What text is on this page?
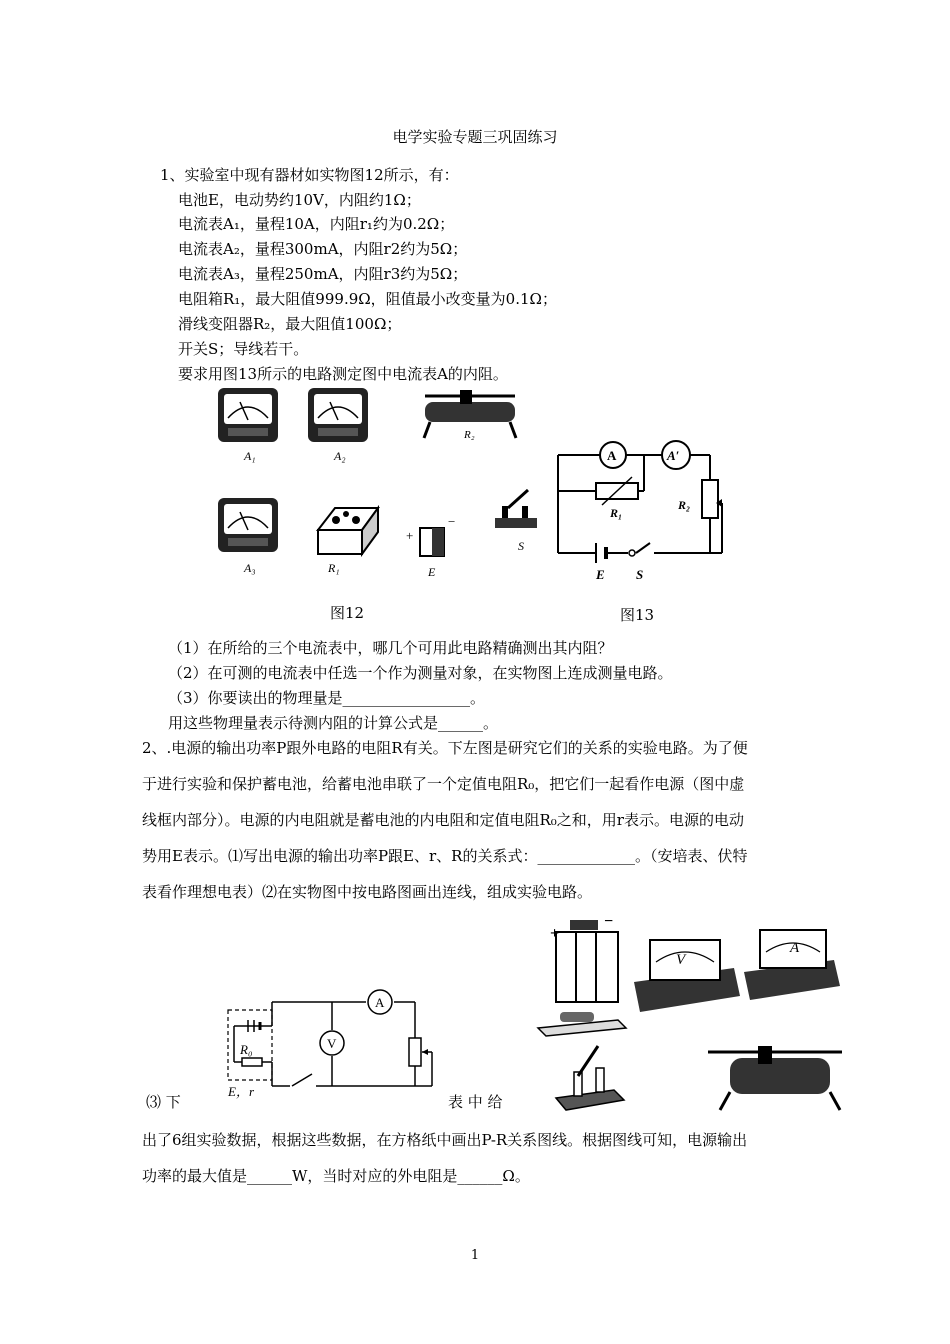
电学实验专题三巩固练习
1、实验室中现有器材如实物图12所示，有：
电池E，电动势约10V，内阻约1Ω；
电流表A₁，量程10A，内阻r₁约为0.2Ω；
电流表A₂，量程300mA，内阻r2约为5Ω；
电流表A₃，量程250mA，内阻r3约为5Ω；
电阻箱R₁，最大阻值999.9Ω，阻值最小改变量为0.1Ω；
滑线变阻器R₂，最大阻值100Ω；
开关S；导线若干。
要求用图13所示的电路测定图中电流表A的内阻。
A₁	A₂
R₂
A₃	R₁
+
−
E
S
图12
A	A′
R₁
R₂
E S
图13
（1）在所给的三个电流表中，哪几个可用此电路精确测出其内阻？
（2）在可测的电流表中任选一个作为测量对象，在实物图上连成测量电路。
（3）你要读出的物理量是_________________。
用这些物理量表示待测内阻的计算公式是______。
2、.电源的输出功率P跟外电路的电阻R有关。下左图是研究它们的关系的实验电路。为了便
于进行实验和保护蓄电池，给蓄电池串联了一个定值电阻R₀，把它们一起看作电源（图中虚
线框内部分）。电源的内电阻就是蓄电池的内电阻和定值电阻R₀之和，用r表示。电源的电动
势用E表示。⑴写出电源的输出功率P跟E、r、R的关系式：_____________。（安培表、伏特
表看作理想电表）⑵在实物图中按电路图画出连线，组成实验电路。
A
V
R₀
E，r
⑶ 下	表 中 给
+
−
V
A
出了6组实验数据，根据这些数据，在方格纸中画出P-R关系图线。根据图线可知，电源输出
功率的最大值是______W，当时对应的外电阻是______Ω。
1
